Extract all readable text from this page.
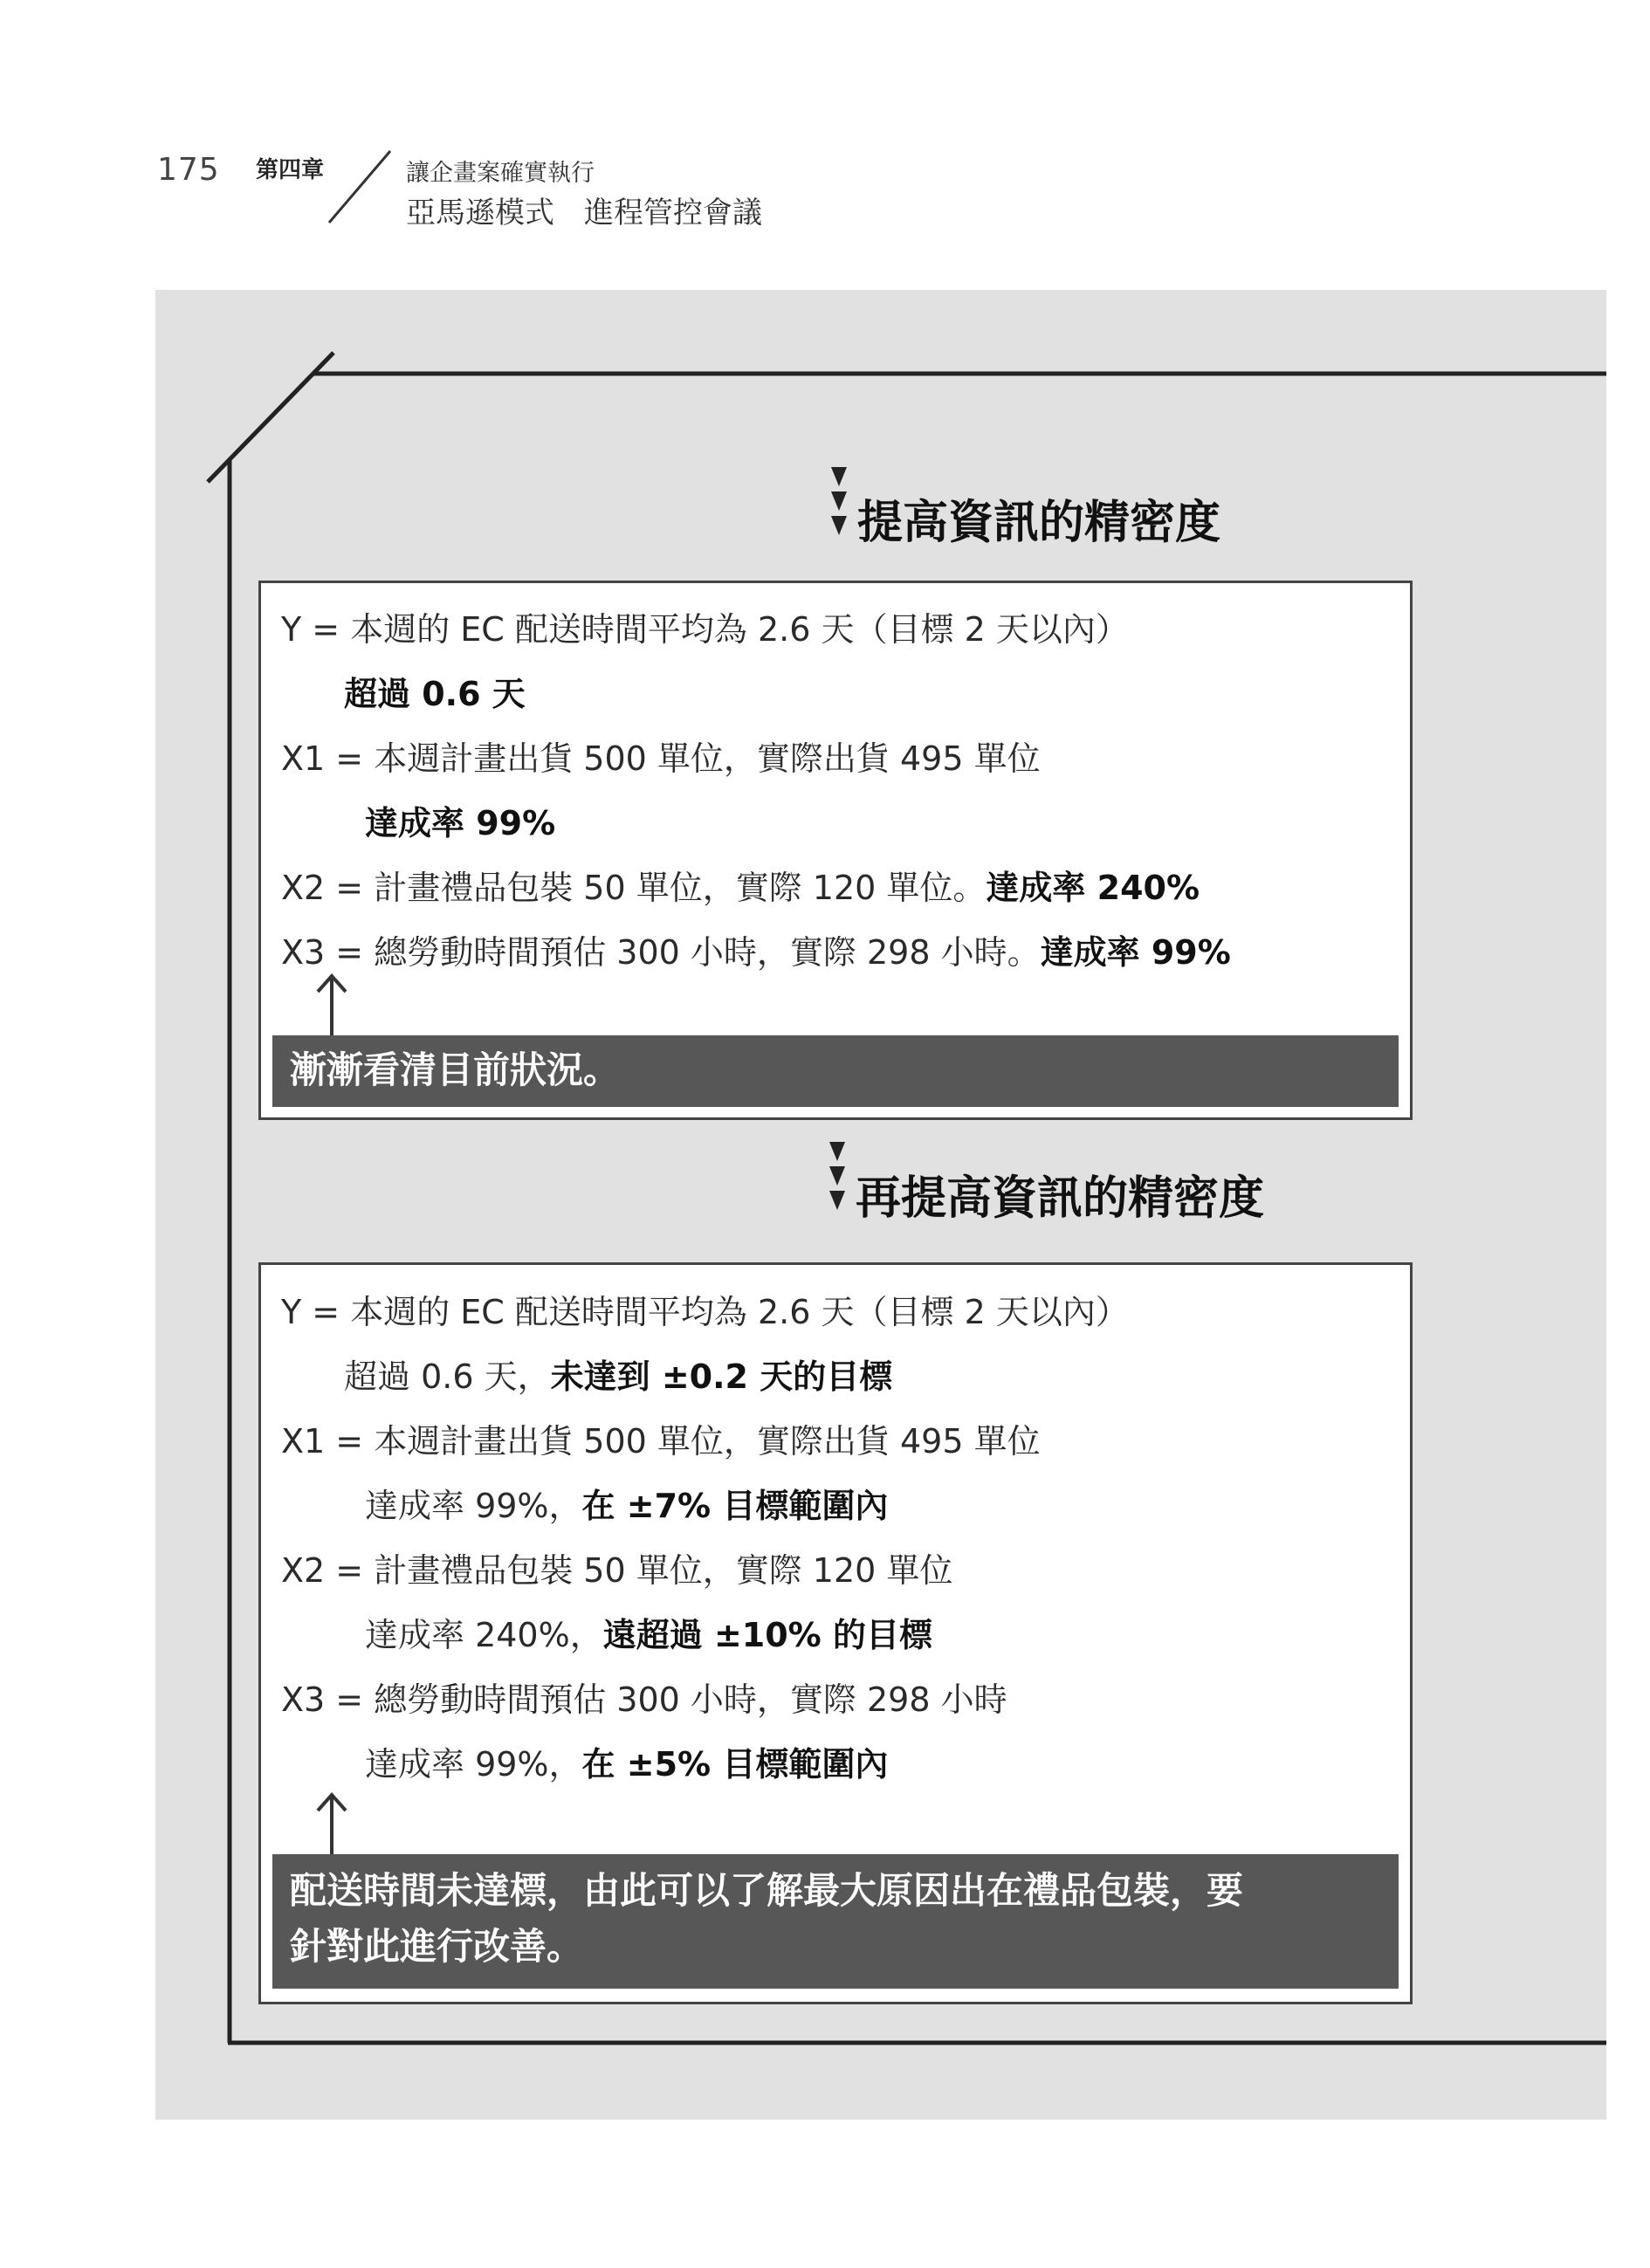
175 第四章	讓企畫案確實執行
亞馬遜模式　進程管控會議
提高資訊的精密度
Y = 本週的 EC 配送時間平均為 2.6 天（目標 2 天以內）
超過 0.6 天
X1 = 本週計畫出貨 500 單位，實際出貨 495 單位
達成率 99%
X2 = 計畫禮品包裝 50 單位，實際 120 單位。達成率 240%
X3 = 總勞動時間預估 300 小時，實際 298 小時。達成率 99%
漸漸看清目前狀況。
再提高資訊的精密度
Y = 本週的 EC 配送時間平均為 2.6 天（目標 2 天以內）
超過 0.6 天，未達到 ±0.2 天的目標
X1 = 本週計畫出貨 500 單位，實際出貨 495 單位
達成率 99%，在 ±7% 目標範圍內
X2 = 計畫禮品包裝 50 單位，實際 120 單位
達成率 240%，遠超過 ±10% 的目標
X3 = 總勞動時間預估 300 小時，實際 298 小時
達成率 99%，在 ±5% 目標範圍內
配送時間未達標，由此可以了解最大原因出在禮品包裝，要
針對此進行改善。
